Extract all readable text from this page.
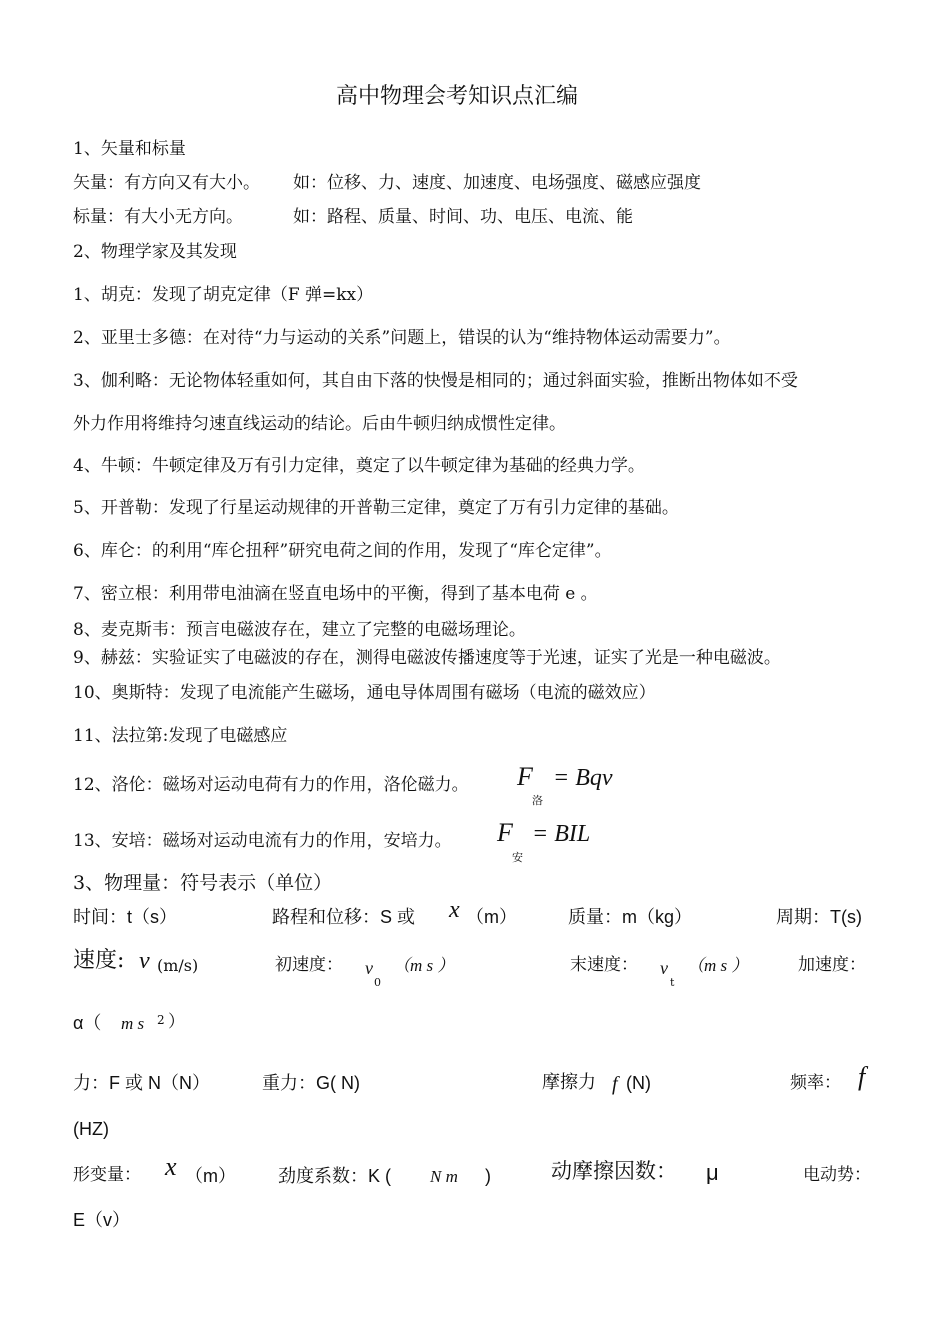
高中物理会考知识点汇编
1、矢量和标量
矢量：有方向又有大小。 如：位移、力、速度、加速度、电场强度、磁感应强度
标量：有大小无方向。	如：路程、质量、时间、功、电压、电流、能
2、物理学家及其发现
1、胡克：发现了胡克定律（F 弹=kx）
2、亚里士多德：在对待“力与运动的关系”问题上，错误的认为“维持物体运动需要力”。
3、伽利略：无论物体轻重如何，其自由下落的快慢是相同的；通过斜面实验，推断出物体如不受
外力作用将维持匀速直线运动的结论。后由牛顿归纳成惯性定律。
4、牛顿：牛顿定律及万有引力定律，奠定了以牛顿定律为基础的经典力学。
5、开普勒：发现了行星运动规律的开普勒三定律，奠定了万有引力定律的基础。
6、库仑：的利用“库仑扭秤”研究电荷之间的作用，发现了“库仑定律”。
7、密立根：利用带电油滴在竖直电场中的平衡，得到了基本电荷 e 。
8、麦克斯韦：预言电磁波存在，建立了完整的电磁场理论。
9、赫兹：实验证实了电磁波的存在，测得电磁波传播速度等于光速，证实了光是一种电磁波。
10、奥斯特：发现了电流能产生磁场，通电导体周围有磁场（电流的磁效应）
11、法拉第:发现了电磁感应
12、洛伦：磁场对运动电荷有力的作用，洛伦磁力。 F
洛
= Bqv
13、安培：磁场对运动电流有力的作用，安培力。 F
安
= BIL
3、物理量：符号表示（单位）
时间：t（s）	路程和位移：S 或 x （m）	质量：m（kg）	周期：T(s)
速度: v (m/s)	初速度： v
0
（m s ）	末速度： v
t
（m s ）	加速度：
α（ m s 2 ）
力：F 或 N（N）	重力：G( N)	摩擦力 f (N)	频率： f
(HZ)
形变量： x （m） 劲度系数：K ( N m )	动摩擦因数： μ	电动势：
E（v）
